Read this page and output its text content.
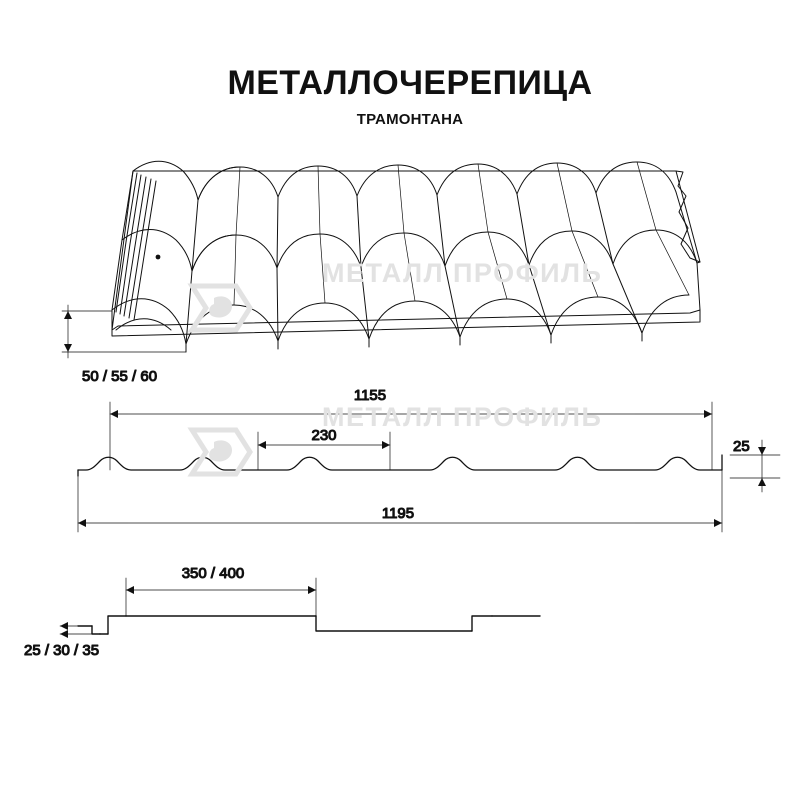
МЕТАЛЛОЧЕРЕПИЦА
ТРАМОНТАНА
50 / 55 / 60
1155
230
1195
25
350 / 400
25 / 30 / 35
МЕТАЛЛ ПРОФИЛЬ
МЕТАЛЛ ПРОФИЛЬ
